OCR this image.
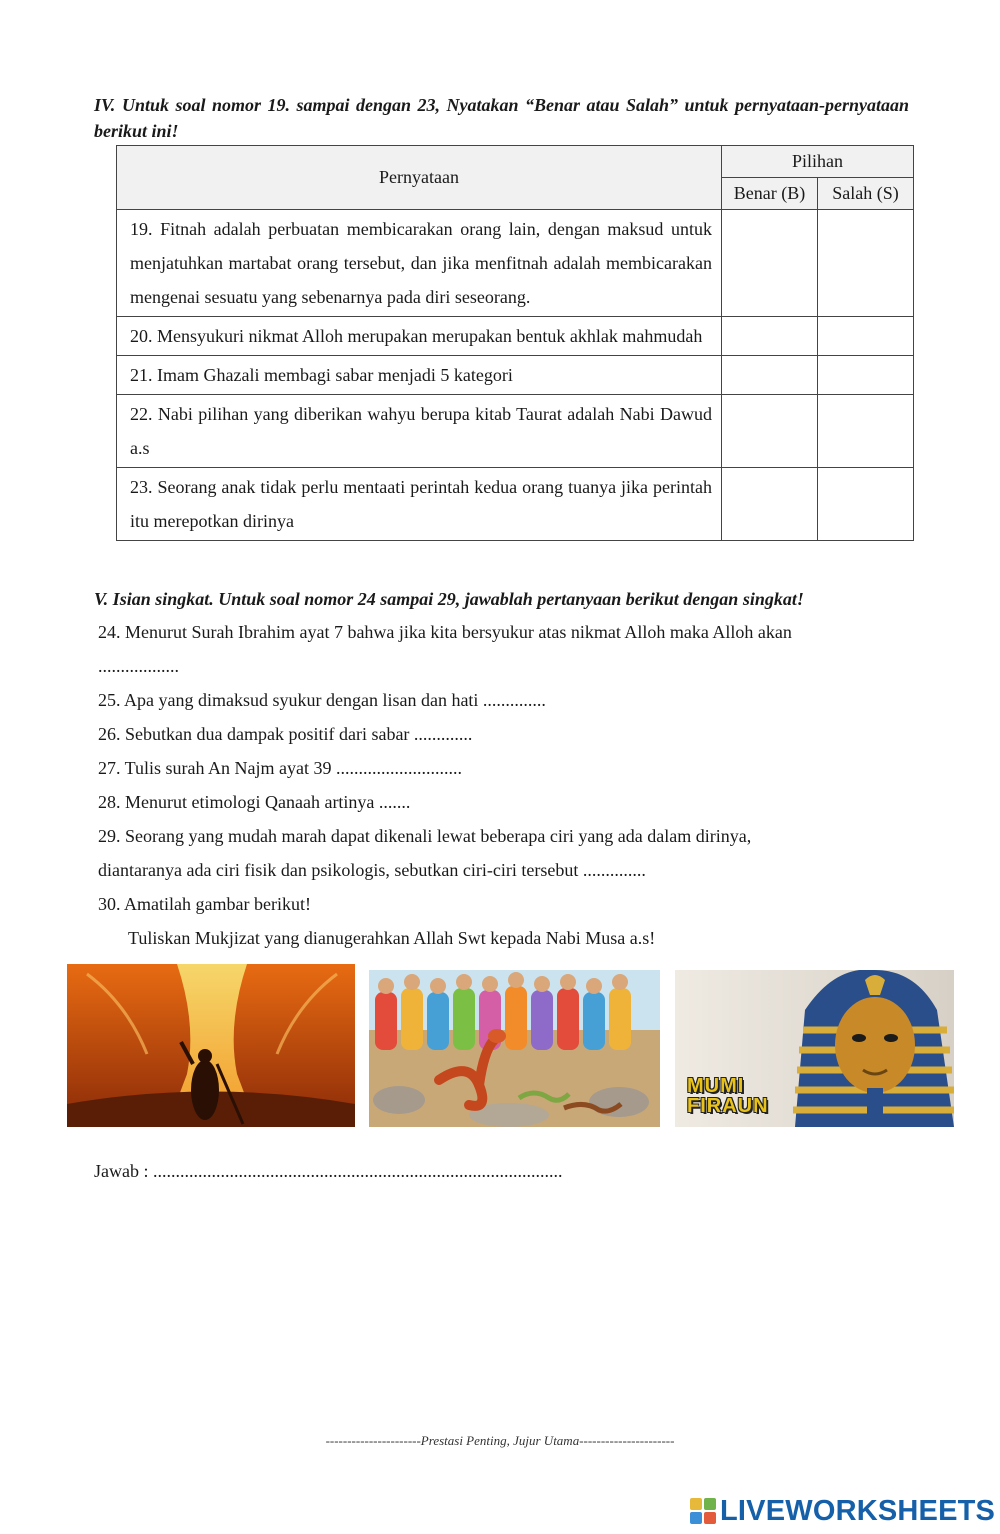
IV. Untuk soal nomor 19. sampai dengan 23, Nyatakan “Benar atau Salah” untuk pernyataan-pernyataan berikut ini!
Pernyataan	Pilihan	
	Benar (B)	Salah (S)
19. Fitnah adalah perbuatan membicarakan orang lain, dengan maksud untuk menjatuhkan martabat orang tersebut, dan jika menfitnah adalah membicarakan mengenai sesuatu yang sebenarnya pada diri seseorang.		
20. Mensyukuri nikmat Alloh merupakan merupakan bentuk akhlak mahmudah		
21. Imam Ghazali membagi sabar menjadi 5 kategori		
22. Nabi pilihan yang diberikan wahyu berupa kitab Taurat adalah Nabi Dawud a.s		
23. Seorang anak tidak perlu mentaati perintah kedua orang tuanya jika perintah itu merepotkan dirinya		
V. Isian singkat. Untuk soal nomor 24 sampai 29, jawablah pertanyaan berikut dengan singkat!
24. Menurut Surah Ibrahim ayat 7 bahwa jika kita bersyukur atas nikmat Alloh maka Alloh akan
..................
25. Apa yang dimaksud syukur dengan lisan dan hati ..............
26. Sebutkan dua dampak positif dari sabar .............
27. Tulis surah An Najm ayat 39 ............................
28. Menurut etimologi Qanaah artinya .......
29. Seorang yang mudah marah dapat dikenali lewat beberapa ciri yang ada dalam dirinya,
diantaranya ada ciri fisik dan psikologis, sebutkan ciri-ciri tersebut ..............
30. Amatilah gambar berikut!
Tuliskan Mukjizat yang dianugerahkan Allah Swt kepada Nabi Musa a.s!
MUMI
FIRAUN
Jawab : ...........................................................................................
----------------------Prestasi Penting, Jujur Utama----------------------
LIVEWORKSHEETS
